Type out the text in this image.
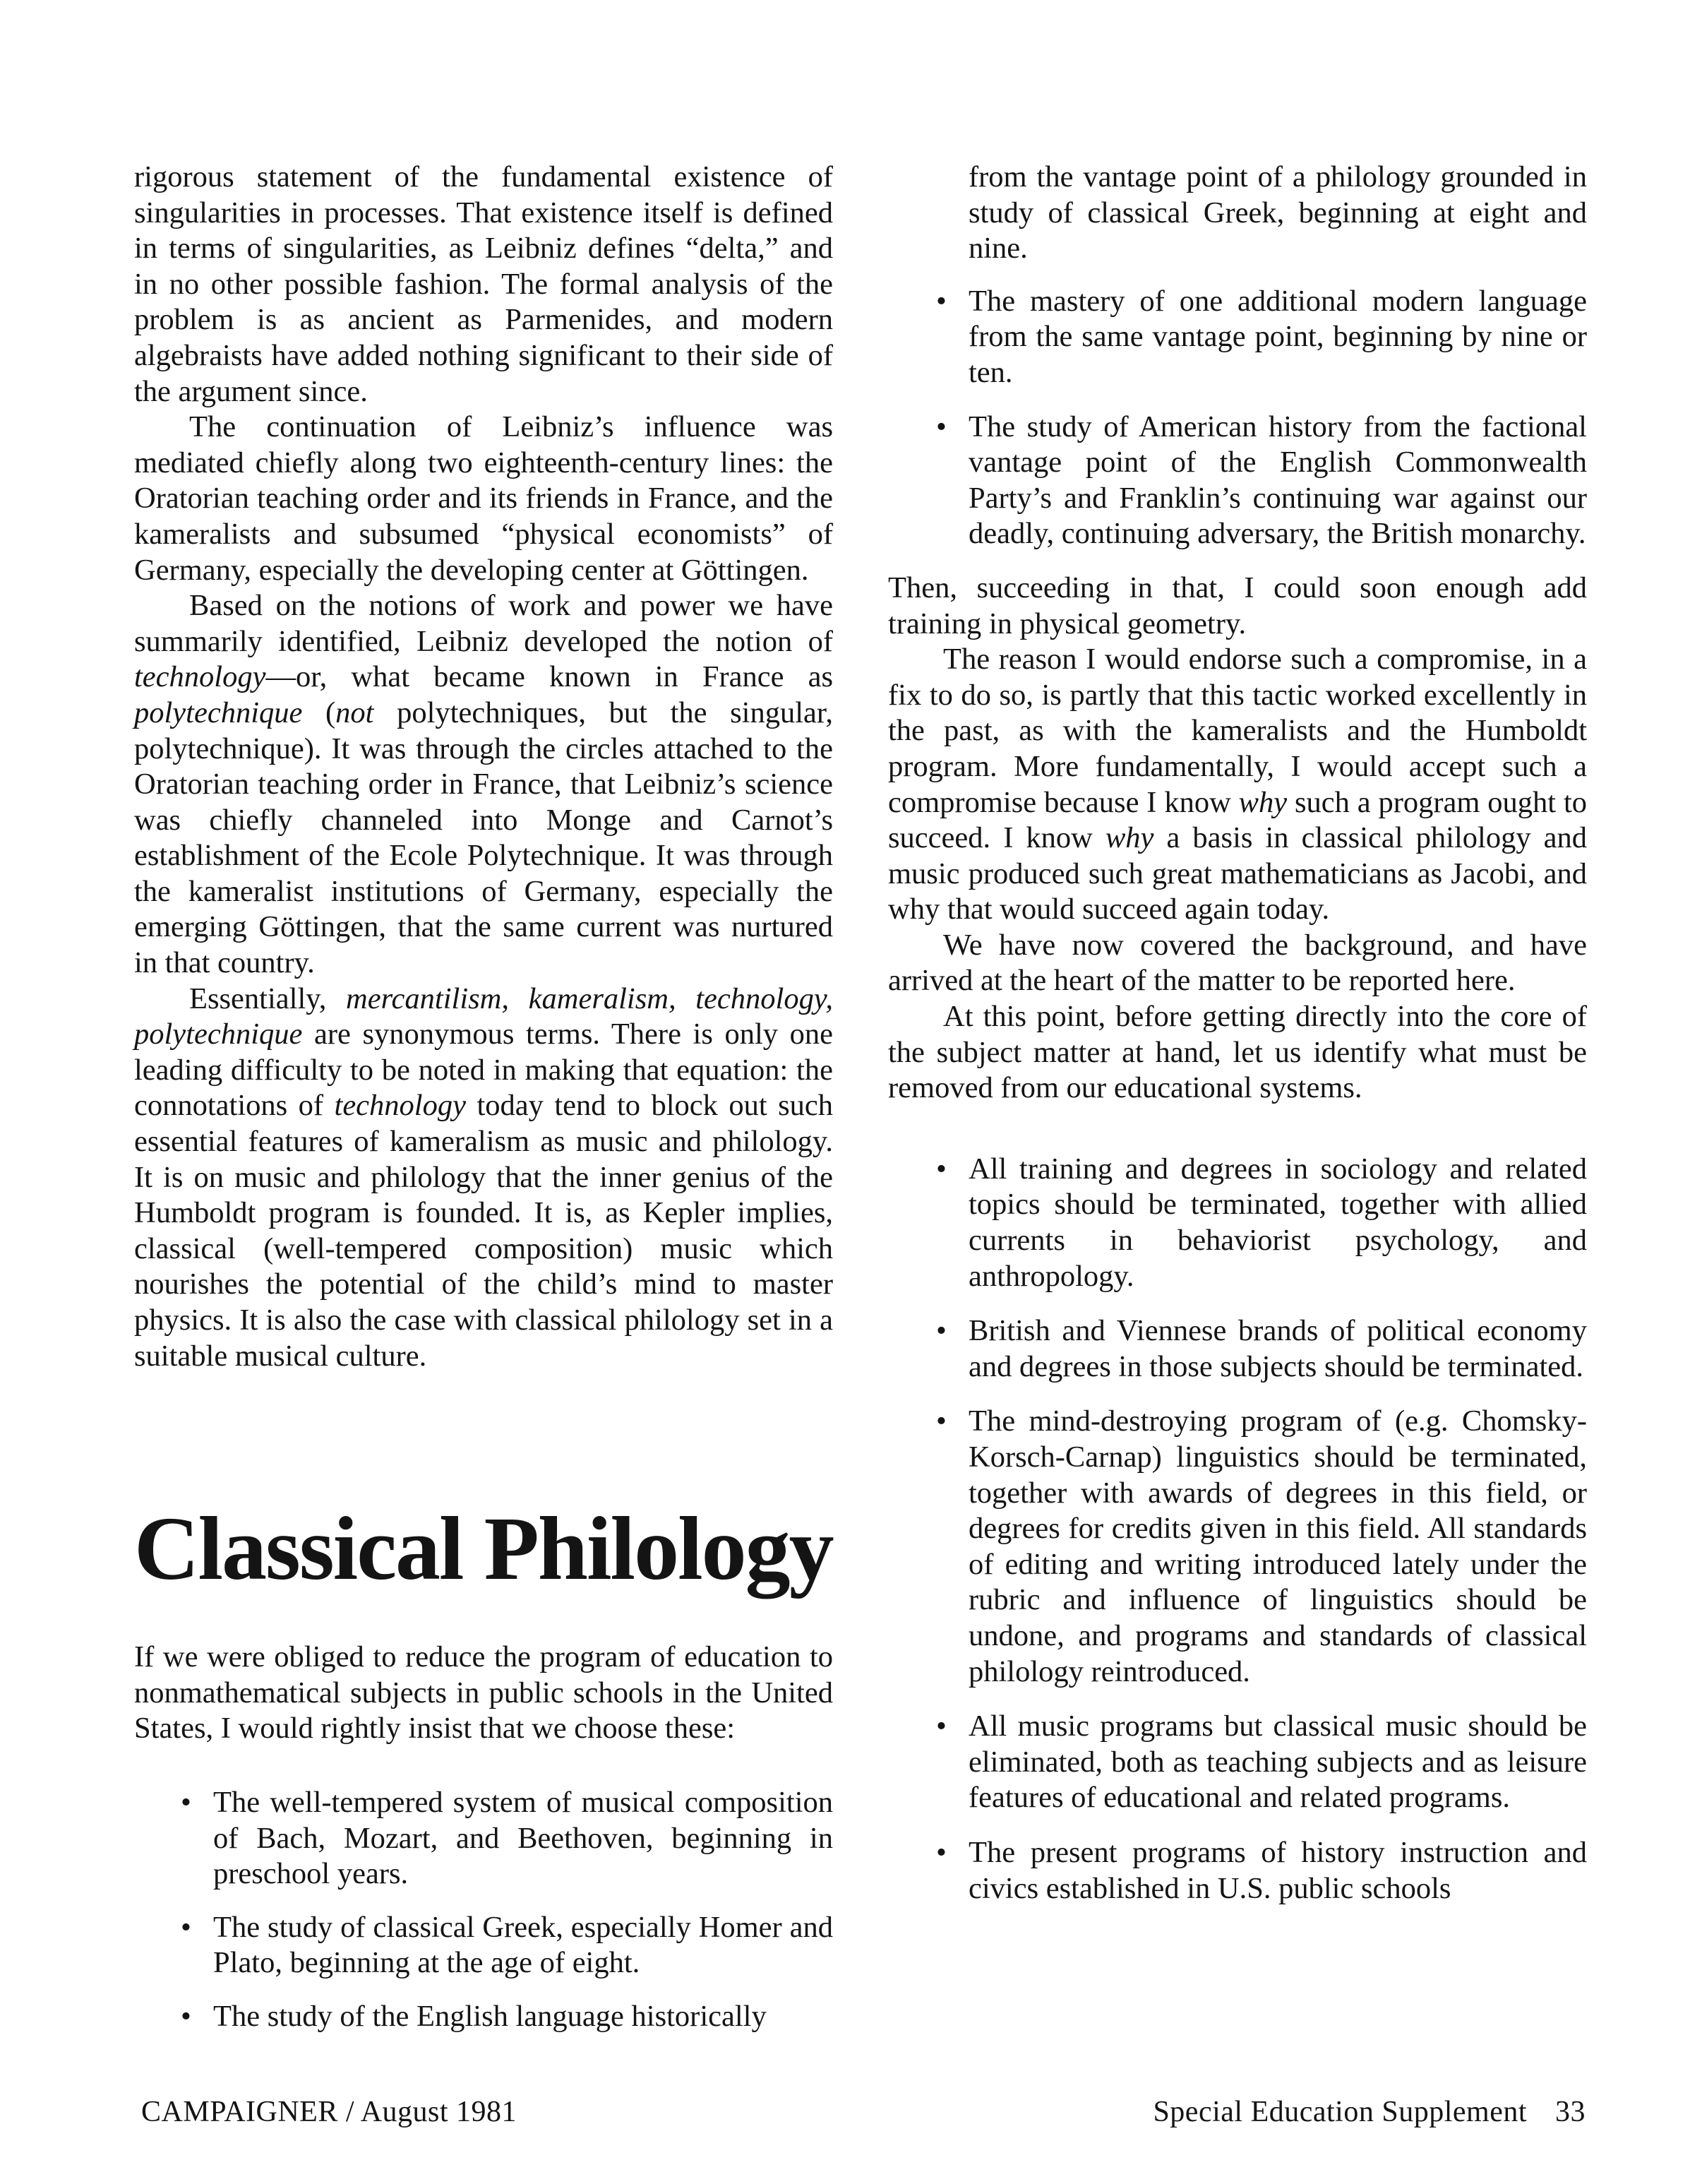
rigorous statement of the fundamental existence of singularities in processes. That existence itself is defined in terms of singularities, as Leibniz defines “delta,” and in no other possible fashion. The formal analysis of the problem is as ancient as Parmenides, and modern algebraists have added nothing significant to their side of the argument since.

The continuation of Leibniz’s influence was mediated chiefly along two eighteenth-century lines: the Oratorian teaching order and its friends in France, and the kameralists and subsumed “physical economists” of Germany, especially the developing center at Göttingen.

Based on the notions of work and power we have summarily identified, Leibniz developed the notion of technology—or, what became known in France as polytechnique (not polytechniques, but the singular, polytechnique). It was through the circles attached to the Oratorian teaching order in France, that Leibniz’s science was chiefly channeled into Monge and Carnot’s establishment of the Ecole Polytechnique. It was through the kameralist institutions of Germany, especially the emerging Göttingen, that the same current was nurtured in that country.

Essentially, mercantilism, kameralism, technology, polytechnique are synonymous terms. There is only one leading difficulty to be noted in making that equation: the connotations of technology today tend to block out such essential features of kameralism as music and philology. It is on music and philology that the inner genius of the Humboldt program is founded. It is, as Kepler implies, classical (well-tempered composition) music which nourishes the potential of the child’s mind to master physics. It is also the case with classical philology set in a suitable musical culture.

Classical Philology

If we were obliged to reduce the program of education to nonmathematical subjects in public schools in the United States, I would rightly insist that we choose these:

• The well-tempered system of musical composition of Bach, Mozart, and Beethoven, beginning in preschool years.
• The study of classical Greek, especially Homer and Plato, beginning at the age of eight.
• The study of the English language historically

from the vantage point of a philology grounded in study of classical Greek, beginning at eight and nine.

• The mastery of one additional modern language from the same vantage point, beginning by nine or ten.
• The study of American history from the factional vantage point of the English Commonwealth Party’s and Franklin’s continuing war against our deadly, continuing adversary, the British monarchy.

Then, succeeding in that, I could soon enough add training in physical geometry.

The reason I would endorse such a compromise, in a fix to do so, is partly that this tactic worked excellently in the past, as with the kameralists and the Humboldt program. More fundamentally, I would accept such a compromise because I know why such a program ought to succeed. I know why a basis in classical philology and music produced such great mathematicians as Jacobi, and why that would succeed again today.

We have now covered the background, and have arrived at the heart of the matter to be reported here.

At this point, before getting directly into the core of the subject matter at hand, let us identify what must be removed from our educational systems.

• All training and degrees in sociology and related topics should be terminated, together with allied currents in behaviorist psychology, and anthropology.
• British and Viennese brands of political economy and degrees in those subjects should be terminated.
• The mind-destroying program of (e.g. Chomsky-Korsch-Carnap) linguistics should be terminated, together with awards of degrees in this field, or degrees for credits given in this field. All standards of editing and writing introduced lately under the rubric and influence of linguistics should be undone, and programs and standards of classical philology reintroduced.
• All music programs but classical music should be eliminated, both as teaching subjects and as leisure features of educational and related programs.
• The present programs of history instruction and civics established in U.S. public schools
CAMPAIGNER / August 1981	Special Education Supplement 33
